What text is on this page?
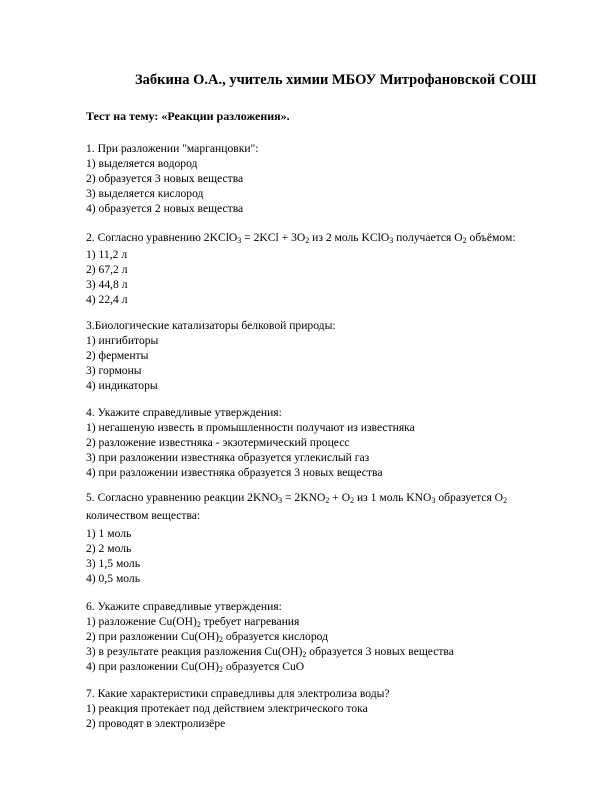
Забкина О.А., учитель химии МБОУ Митрофановской СОШ
Тест на тему: «Реакции разложения».
1. При разложении "марганцовки":
1) выделяется водород
2) образуется 3 новых вещества
3) выделяется кислород
4) образуется 2 новых вещества
2. Согласно уравнению 2KClO$_3$ = $2KCl + 3O_2$ из 2 моль KClO$_3$ получается $O_2$ объёмом:
1) 11,2 л
2) 67,2 л
3) 44,8 л
4) 22,4 л
3.Биологические катализаторы белковой природы:
1) ингибиторы
2) ферменты
3) гормоны
4) индикаторы
4. Укажите справедливые утверждения:
1) негашеную известь в промышленности получают из известняка
2) разложение известняка - экзотермический процесс
3) при разложении известняка образуется углекислый газ
4) при разложении известняка образуется 3 новых вещества
5. Согласно уравнению реакции $2KNO_3 = 2KNO_2 + O_2$ из 1 моль $KNO_3$ образуется $O_2$
количеством вещества:
1) 1 моль
2) 2 моль
3) 1,5 моль
4) 0,5 моль
6. Укажите справедливые утверждения:
1) разложение $Cu(OH)_2$ требует нагревания
2) при разложении $Cu(OH)_2$ образуется кислород
3) в результате реакция разложения $Cu(OH)_2$ образуется 3 новых вещества
4) при разложении $Cu(OH)_2$ образуется CuO
7. Какие характеристики справедливы для электролиза воды?
1) реакция протекает под действием электрического тока
2) проводят в электролизёре
